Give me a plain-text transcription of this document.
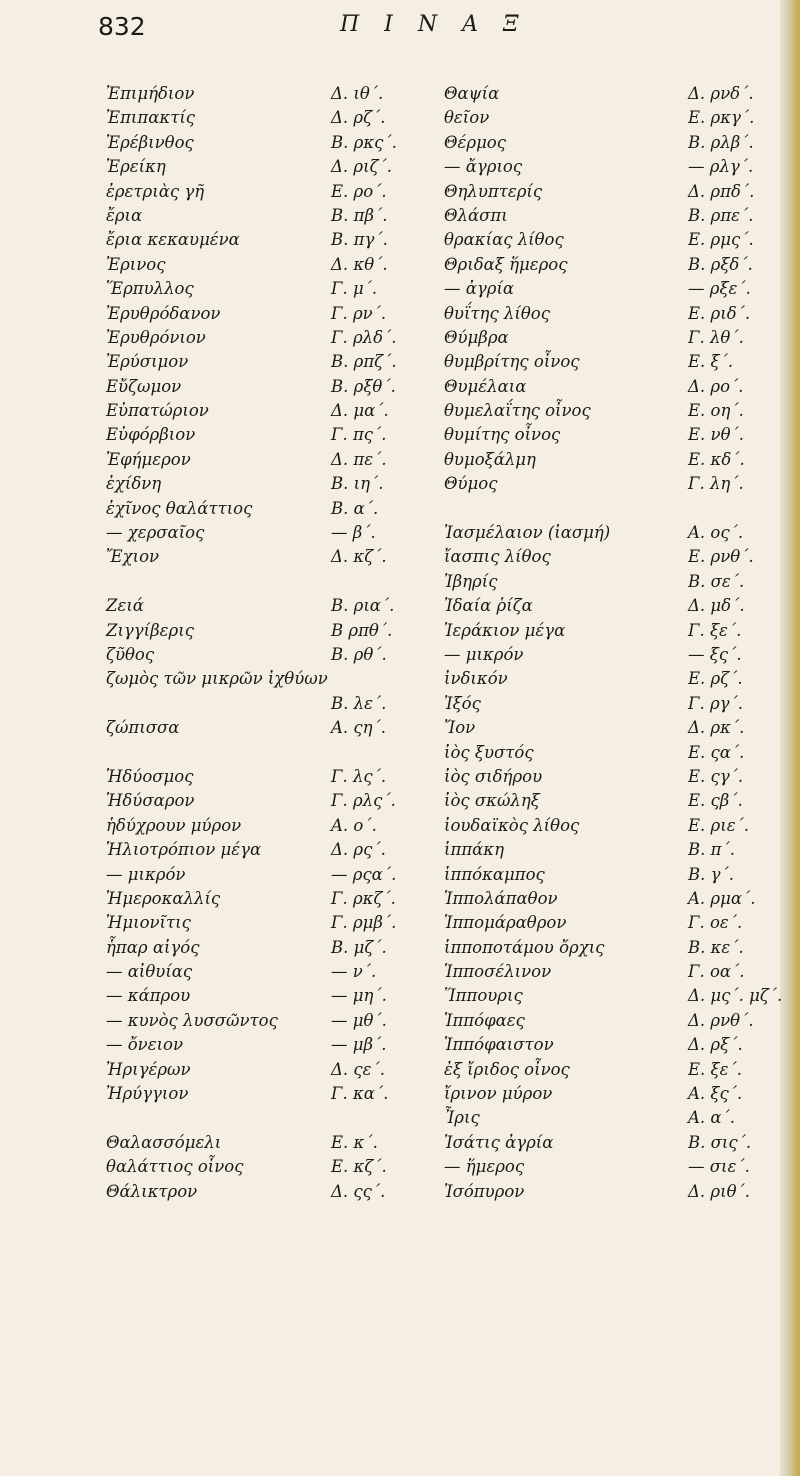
832	Π Ι Ν Α Ξ
Ἐπιμήδιον	Δ. ιθ΄.
Ἐπιπακτίς	Δ. ρζ΄.
Ἐρέβινθος	Β. ρκς΄.
Ἐρείκη	Δ. ριζ΄.
ἐρετριὰς γῆ	Ε. ρο΄.
ἔρια	Β. πβ΄.
ἔρια κεκαυμένα	Β. πγ΄.
Ἐρινος	Δ. κθ΄.
Ἕρπυλλος	Γ. μ΄.
Ἐρυθρόδανον	Γ. ρν΄.
Ἐρυθρόνιον	Γ. ρλδ΄.
Ἐρύσιμον	Β. ρπζ΄.
Εὔζωμον	Β. ρξθ΄.
Εὐπατώριον	Δ. μα΄.
Εὐφόρβιον	Γ. πς΄.
Ἐφήμερον	Δ. πε΄.
ἐχίδνη	Β. ιη΄.
ἐχῖνος θαλάττιος	Β. α΄.
— χερσαῖος	— β΄.
Ἔχιον	Δ. κζ΄.
Ζειά	Β. ρια΄.
Ζιγγίβερις	Β ρπθ΄.
ζῦθος	Β. ρθ΄.
ζωμὸς τῶν μικρῶν ἰχθύων
Β. λε΄.
ζώπισσα	Α. ςη΄.
Ἡδύοσμος	Γ. λς΄.
Ἡδύσαρον	Γ. ρλς΄.
ἡδύχρουν μύρον	Α. ο΄.
Ἡλιοτρόπιον μέγα	Δ. ρς΄.
— μικρόν	— ρςα΄.
Ἡμεροκαλλίς	Γ. ρκζ΄.
Ἡμιονῖτις	Γ. ρμβ΄.
ἧπαρ αἰγός	Β. μζ΄.
— αἰθυίας	— ν΄.
— κάπρου	— μη΄.
— κυνὸς λυσσῶντος	— μθ΄.
— ὄνειον	— μβ΄.
Ἠριγέρων	Δ. ςε΄.
Ἠρύγγιον	Γ. κα΄.
Θαλασσόμελι	Ε. κ΄.
θαλάττιος οἶνος	Ε. κζ΄.
Θάλικτρον	Δ. ςς΄.
Θαψία	Δ. ρνδ΄.
θεῖον	Ε. ρκγ΄.
Θέρμος	Β. ρλβ΄.
— ἄγριος	— ρλγ΄.
Θηλυπτερίς	Δ. ρπδ΄.
Θλάσπι	Β. ρπε΄.
θρακίας λίθος	Ε. ρμς΄.
Θριδαξ ἥμερος	Β. ρξδ΄.
— ἀγρία	— ρξε΄.
θυΐτης λίθος	Ε. ριδ΄.
Θύμβρα	Γ. λθ΄.
θυμβρίτης οἶνος	Ε. ξ΄.
Θυμέλαια	Δ. ρο΄.
θυμελαΐτης οἶνος	Ε. οη΄.
θυμίτης οἶνος	Ε. νθ΄.
θυμοξάλμη	Ε. κδ΄.
Θύμος	Γ. λη΄.
Ἰασμέλαιον (ἰασμή)	Α. ος΄.
ἴασπις λίθος	Ε. ρνθ΄.
Ἰβηρίς	Β. σε΄.
Ἰδαία ῥίζα	Δ. μδ΄.
Ἱεράκιον μέγα	Γ. ξε΄.
— μικρόν	— ξς΄.
ἰνδικόν	Ε. ρζ΄.
Ἰξός	Γ. ργ΄.
Ἴον	Δ. ρκ΄.
ἰὸς ξυστός	Ε. ςα΄.
ἰὸς σιδήρου	Ε. ςγ΄.
ἰὸς σκώληξ	Ε. ςβ΄.
ἰουδαϊκὸς λίθος	Ε. ριε΄.
ἱππάκη	Β. π΄.
ἱππόκαμπος	Β. γ΄.
Ἱππολάπαθον	Α. ρμα΄.
Ἱππομάραθρον	Γ. οε΄.
ἱπποποτάμου ὄρχις	Β. κε΄.
Ἱπποσέλινον	Γ. οα΄.
Ἵππουρις	Δ. μς΄. μζ΄.
Ἱππόφαες	Δ. ρνθ΄.
Ἱππόφαιστον	Δ. ρξ΄.
ἐξ ἴριδος οἶνος	Ε. ξε΄.
ἴρινον μύρον	Α. ξς΄.
Ἶρις	Α. α΄.
Ἰσάτις ἀγρία	Β. σις΄.
— ἥμερος	— σιε΄.
Ἰσόπυρον	Δ. ριθ΄.
